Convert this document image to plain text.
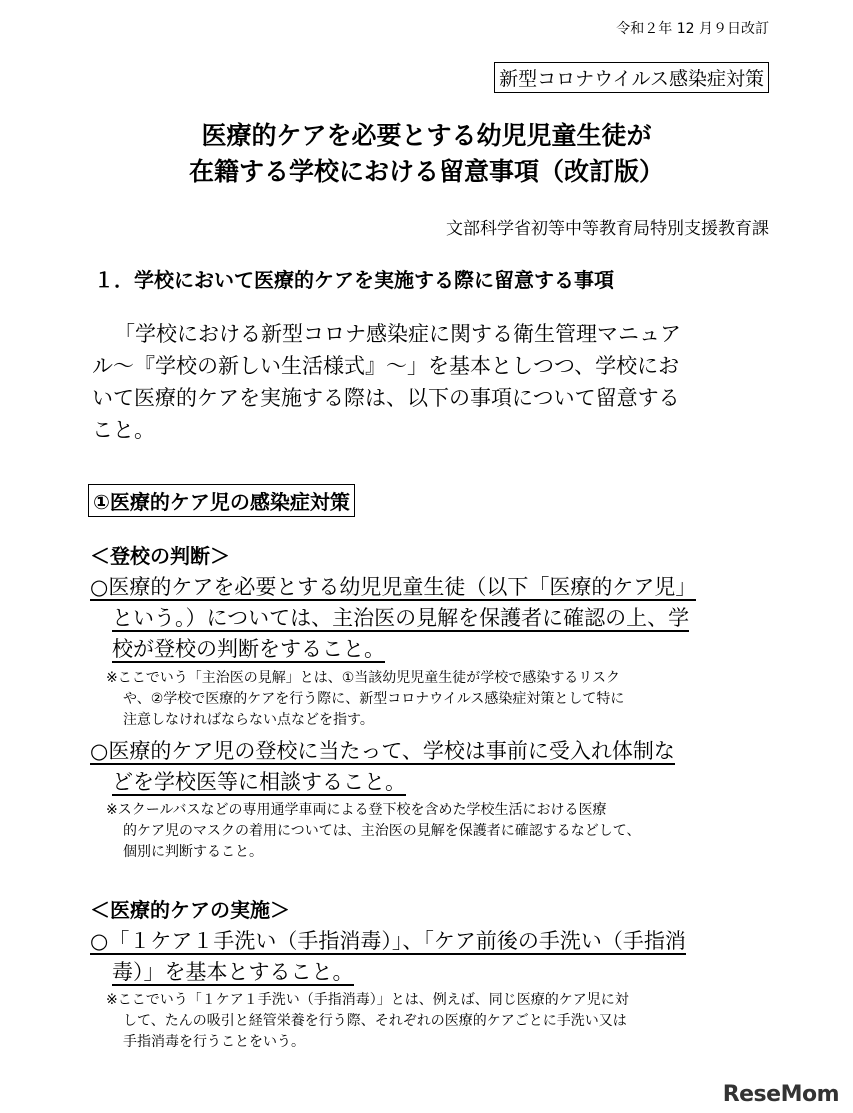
令和２年 12 月９日改訂
新型コロナウイルス感染症対策
医療的ケアを必要とする幼児児童生徒が
在籍する学校における留意事項（改訂版）
文部科学省初等中等教育局特別支援教育課
１．学校において医療的ケアを実施する際に留意する事項
「学校における新型コロナ感染症に関する衛生管理マニュア
ル～『学校の新しい生活様式』～」を基本としつつ、学校にお
いて医療的ケアを実施する際は、以下の事項について留意する
こと。
①医療的ケア児の感染症対策
＜登校の判断＞
○医療的ケアを必要とする幼児児童生徒（以下「医療的ケア児」
という。）については、主治医の見解を保護者に確認の上、学
校が登校の判断をすること。
※ここでいう「主治医の見解」とは、①当該幼児児童生徒が学校で感染するリスク
や、②学校で医療的ケアを行う際に、新型コロナウイルス感染症対策として特に
注意しなければならない点などを指す。
○医療的ケア児の登校に当たって、学校は事前に受入れ体制な
どを学校医等に相談すること。
※スクールバスなどの専用通学車両による登下校を含めた学校生活における医療
的ケア児のマスクの着用については、主治医の見解を保護者に確認するなどして、
個別に判断すること。
＜医療的ケアの実施＞
○「１ケア１手洗い（手指消毒）」、「ケア前後の手洗い（手指消
毒）」を基本とすること。
※ここでいう「１ケア１手洗い（手指消毒）」とは、例えば、同じ医療的ケア児に対
して、たんの吸引と経管栄養を行う際、それぞれの医療的ケアごとに手洗い又は
手指消毒を行うことをいう。
ReseMom
